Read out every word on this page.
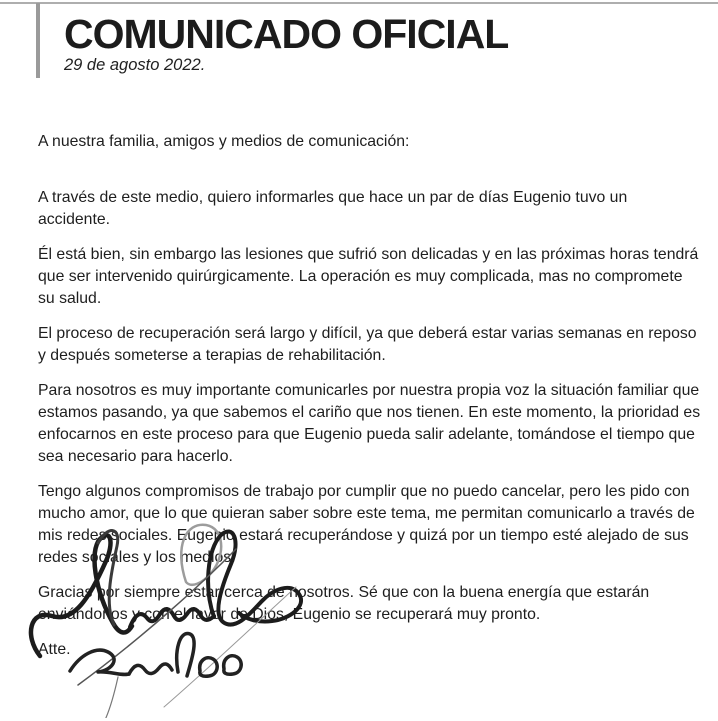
COMUNICADO OFICIAL
29 de agosto 2022.

A nuestra familia, amigos y medios de comunicación:

A través de este medio, quiero informarles que hace un par de días Eugenio tuvo un accidente.

Él está bien, sin embargo las lesiones que sufrió son delicadas y en las próximas horas tendrá que ser intervenido quirúrgicamente. La operación es muy complicada, mas no compromete su salud.

El proceso de recuperación será largo y difícil, ya que deberá estar varias semanas en reposo y después someterse a terapias de rehabilitación.

Para nosotros es muy importante comunicarles por nuestra propia voz la situación familiar que estamos pasando, ya que sabemos el cariño que nos tienen. En este momento, la prioridad es enfocarnos en este proceso para que Eugenio pueda salir adelante, tomándose el tiempo que sea necesario para hacerlo.

Tengo algunos compromisos de trabajo por cumplir que no puedo cancelar, pero les pido con mucho amor, que lo que quieran saber sobre este tema, me permitan comunicarlo a través de mis redes sociales. Eugenio estará recuperándose y quizá por un tiempo esté alejado de sus redes sociales y los medios.

Gracias por siempre estar cerca de nosotros. Sé que con la buena energía que estarán enviándonos y con el favor de Dios, Eugenio se recuperará muy pronto.

Atte.
